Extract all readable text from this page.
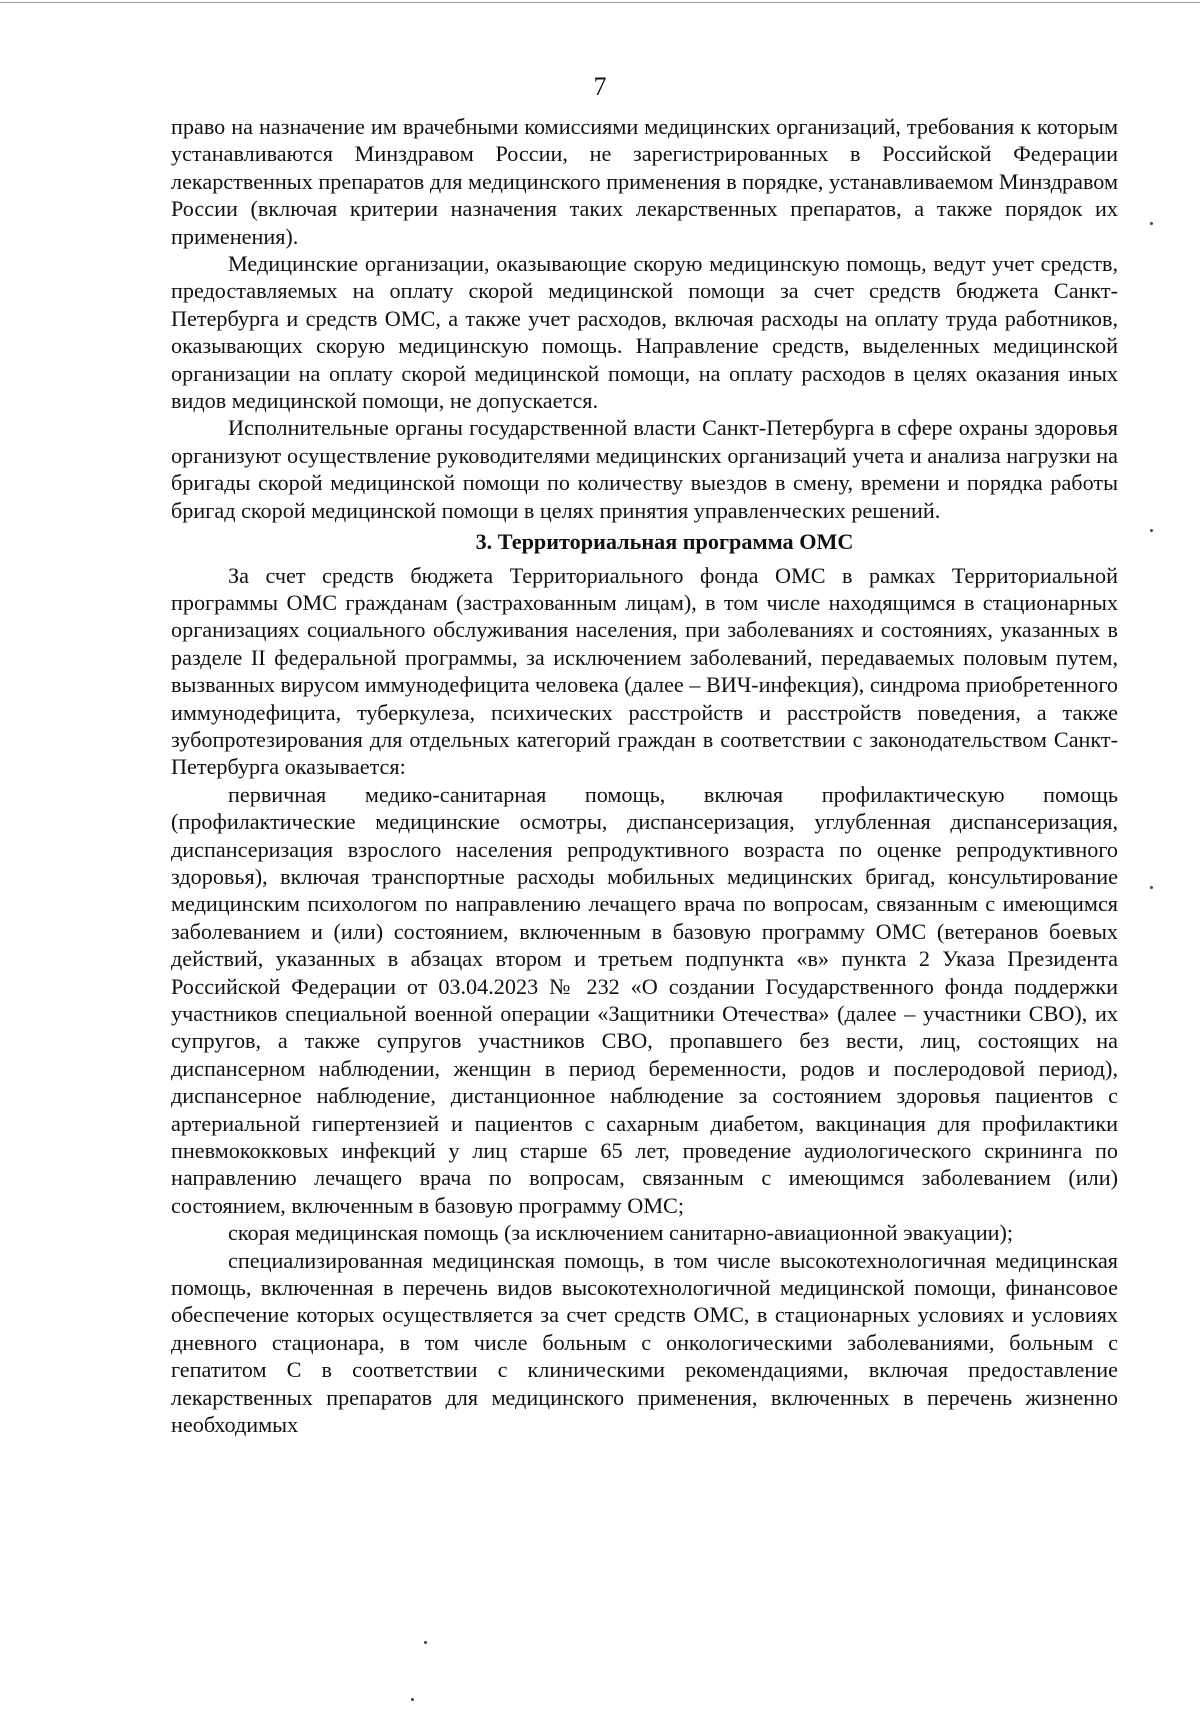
7

право на назначение им врачебными комиссиями медицинских организаций, требования к которым устанавливаются Минздравом России, не зарегистрированных в Российской Федерации лекарственных препаратов для медицинского применения в порядке, устанавливаемом Минздравом России (включая критерии назначения таких лекарственных препаратов, а также порядок их применения).

Медицинские организации, оказывающие скорую медицинскую помощь, ведут учет средств, предоставляемых на оплату скорой медицинской помощи за счет средств бюджета Санкт-Петербурга и средств ОМС, а также учет расходов, включая расходы на оплату труда работников, оказывающих скорую медицинскую помощь. Направление средств, выделенных медицинской организации на оплату скорой медицинской помощи, на оплату расходов в целях оказания иных видов медицинской помощи, не допускается.

Исполнительные органы государственной власти Санкт-Петербурга в сфере охраны здоровья организуют осуществление руководителями медицинских организаций учета и анализа нагрузки на бригады скорой медицинской помощи по количеству выездов в смену, времени и порядка работы бригад скорой медицинской помощи в целях принятия управленческих решений.

3. Территориальная программа ОМС

За счет средств бюджета Территориального фонда ОМС в рамках Территориальной программы ОМС гражданам (застрахованным лицам), в том числе находящимся в стационарных организациях социального обслуживания населения, при заболеваниях и состояниях, указанных в разделе II федеральной программы, за исключением заболеваний, передаваемых половым путем, вызванных вирусом иммунодефицита человека (далее – ВИЧ-инфекция), синдрома приобретенного иммунодефицита, туберкулеза, психических расстройств и расстройств поведения, а также зубопротезирования для отдельных категорий граждан в соответствии с законодательством Санкт-Петербурга оказывается:

первичная медико-санитарная помощь, включая профилактическую помощь (профилактические медицинские осмотры, диспансеризация, углубленная диспансеризация, диспансеризация взрослого населения репродуктивного возраста по оценке репродуктивного здоровья), включая транспортные расходы мобильных медицинских бригад, консультирование медицинским психологом по направлению лечащего врача по вопросам, связанным с имеющимся заболеванием и (или) состоянием, включенным в базовую программу ОМС (ветеранов боевых действий, указанных в абзацах втором и третьем подпункта «в» пункта 2 Указа Президента Российской Федерации от 03.04.2023 № 232 «О создании Государственного фонда поддержки участников специальной военной операции «Защитники Отечества» (далее – участники СВО), их супругов, а также супругов участников СВО, пропавшего без вести, лиц, состоящих на диспансерном наблюдении, женщин в период беременности, родов и послеродовой период), диспансерное наблюдение, дистанционное наблюдение за состоянием здоровья пациентов с артериальной гипертензией и пациентов с сахарным диабетом, вакцинация для профилактики пневмококковых инфекций у лиц старше 65 лет, проведение аудиологического скрининга по направлению лечащего врача по вопросам, связанным с имеющимся заболеванием (или) состоянием, включенным в базовую программу ОМС;

скорая медицинская помощь (за исключением санитарно-авиационной эвакуации);

специализированная медицинская помощь, в том числе высокотехнологичная медицинская помощь, включенная в перечень видов высокотехнологичной медицинской помощи, финансовое обеспечение которых осуществляется за счет средств ОМС, в стационарных условиях и условиях дневного стационара, в том числе больным с онкологическими заболеваниями, больным с гепатитом С в соответствии с клиническими рекомендациями, включая предоставление лекарственных препаратов для медицинского применения, включенных в перечень жизненно необходимых
